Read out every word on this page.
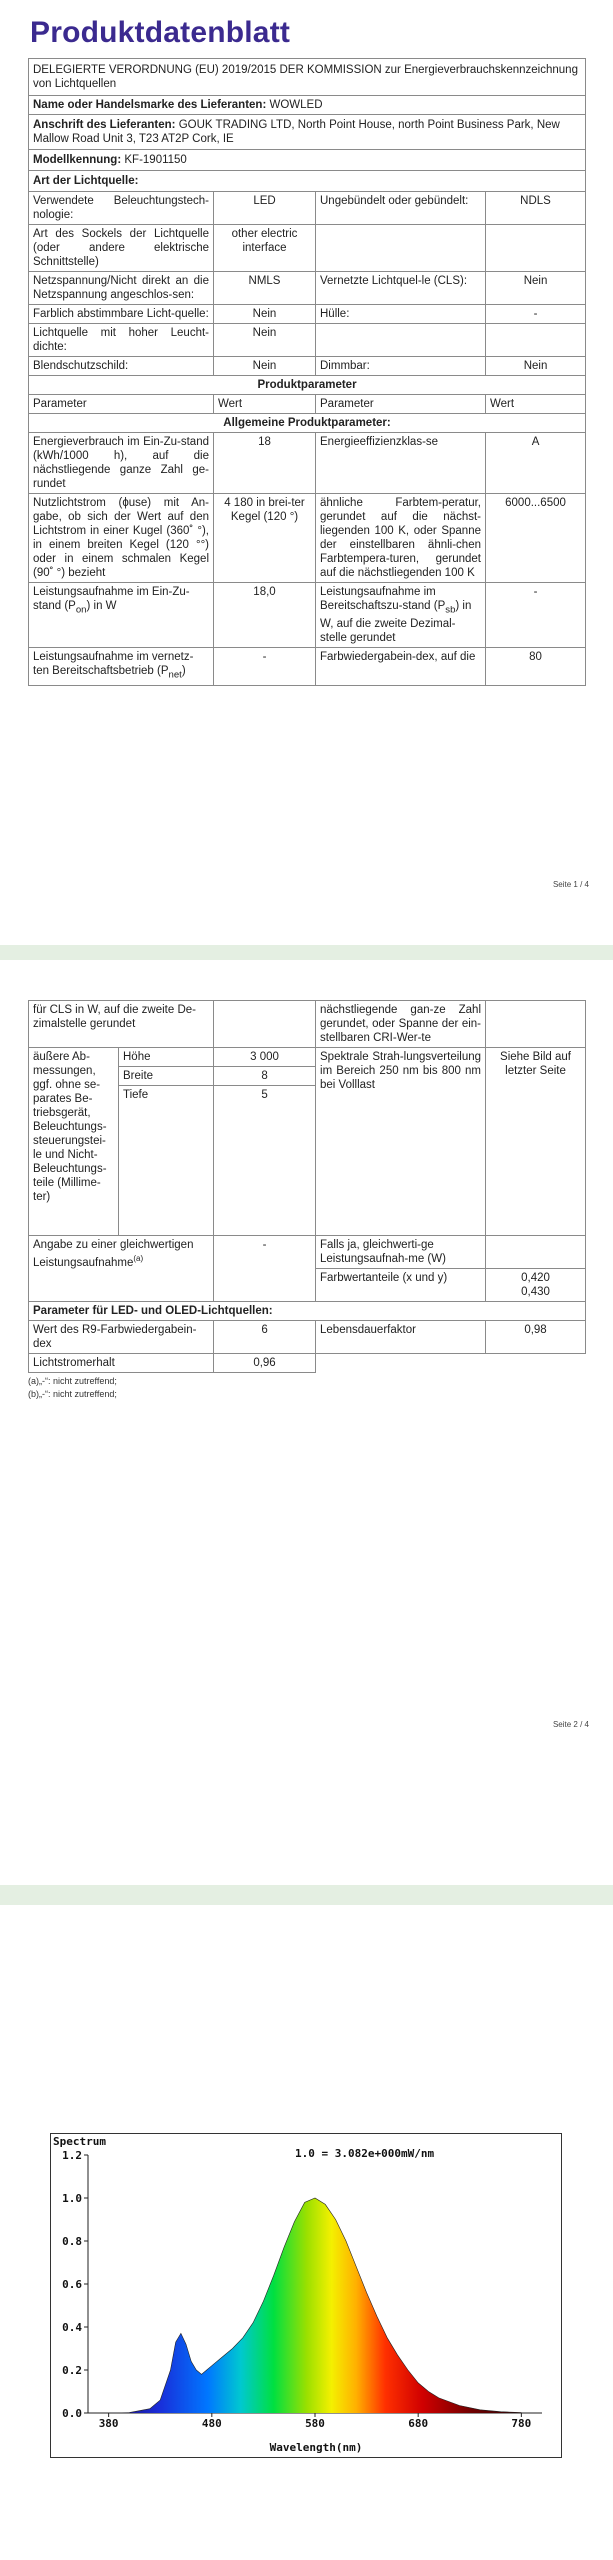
Produktdatenblatt
DELEGIERTE VERORDNUNG (EU) 2019/2015 DER KOMMISSION zur Energieverbrauchskennzeichnung von Lichtquellen			
Name oder Handelsmarke des Lieferanten: WOWLED			
Anschrift des Lieferanten: GOUK TRADING LTD, North Point House, north Point Business Park, New Mallow Road Unit 3, T23 AT2P Cork, IE			
Modellkennung: KF-1901150			
Art der Lichtquelle:			
Verwendete Beleuchtungstech-nologie:	LED	Ungebündelt oder gebündelt:	NDLS
Art des Sockels der Lichtquelle (oder andere elektrische Schnittstelle)	other electric interface		
Netzspannung/Nicht direkt an die Netzspannung angeschlos-sen:	NMLS	Vernetzte Lichtquel-le (CLS):	Nein
Farblich abstimmbare Licht-quelle:	Nein	Hülle:	-
Lichtquelle mit hoher Leucht-dichte:	Nein		
Blendschutzschild:	Nein	Dimmbar:	Nein
Produktparameter			
Parameter	Wert	Parameter	Wert
Allgemeine Produktparameter:			
Energieverbrauch im Ein-Zu-stand (kWh/1000 h), auf die nächstliegende ganze Zahl ge-rundet	18	Energieeffizienzklas-se	A
Nutzlichtstrom (ϕuse) mit An-gabe, ob sich der Wert auf den Lichtstrom in einer Kugel (360˚ °), in einem breiten Kegel (120 °°) oder in einem schmalen Kegel (90˚ °) bezieht	4 180 in brei-ter Kegel (120 °)	ähnliche Farbtem-peratur, gerundet auf die nächst-liegenden 100 K, oder Spanne der einstellbaren ähnli-chen Farbtempera-turen, gerundet auf die nächstliegenden 100 K	6000...6500
Leistungsaufnahme im Ein-Zu-stand $(P_{on})$ in W	18,0	Leistungsaufnahme im Bereitschaftszu-stand $(P_{sb})$ in W, auf die zweite Dezimal-stelle gerundet	-
Leistungsaufnahme im vernetz-ten Bereitschaftsbetrieb $(P_{net})$	-	Farbwiedergabein-dex, auf die	80
Seite 1 / 4
für CLS in W, auf die zweite De-zimalstelle gerundet			nächstliegende gan-ze Zahl gerundet, oder Spanne der ein-stellbaren CRI-Wer-te	
äußere Ab-messungen, ggf. ohne se-parates Be-triebsgerät, Beleuchtungs-steuerungstei-le und Nicht-Beleuchtungs-teile (Millime-ter)	Höhe	3 000	Spektrale Strah-lungsverteilung im Bereich 250 nm bis 800 nm bei Volllast	Siehe Bild auf letzter Seite
	Breite	8		
	Tiefe	5		
Angabe zu einer gleichwertigen Leistungsaufnahme$^{(a)}$		-	Falls ja, gleichwerti-ge Leistungsaufnah-me (W)	
			Farbwertanteile (x und y)	0,420
0,430

Parameter für LED- und OLED-Lichtquellen:				
Wert des R9-Farbwiedergabein-dex		6	Lebensdauerfaktor	0,98
Lichtstromerhalt		0,96		
(a)„-“: nicht zutreffend;
(b)„-“: nicht zutreffend;
Seite 2 / 4
0.0
0.2
0.4
0.6
0.8
1.0
1.2
380	480	580	680	780
Spectrum
1.0 = 3.082e+000mW/nm
Wavelength(nm)
